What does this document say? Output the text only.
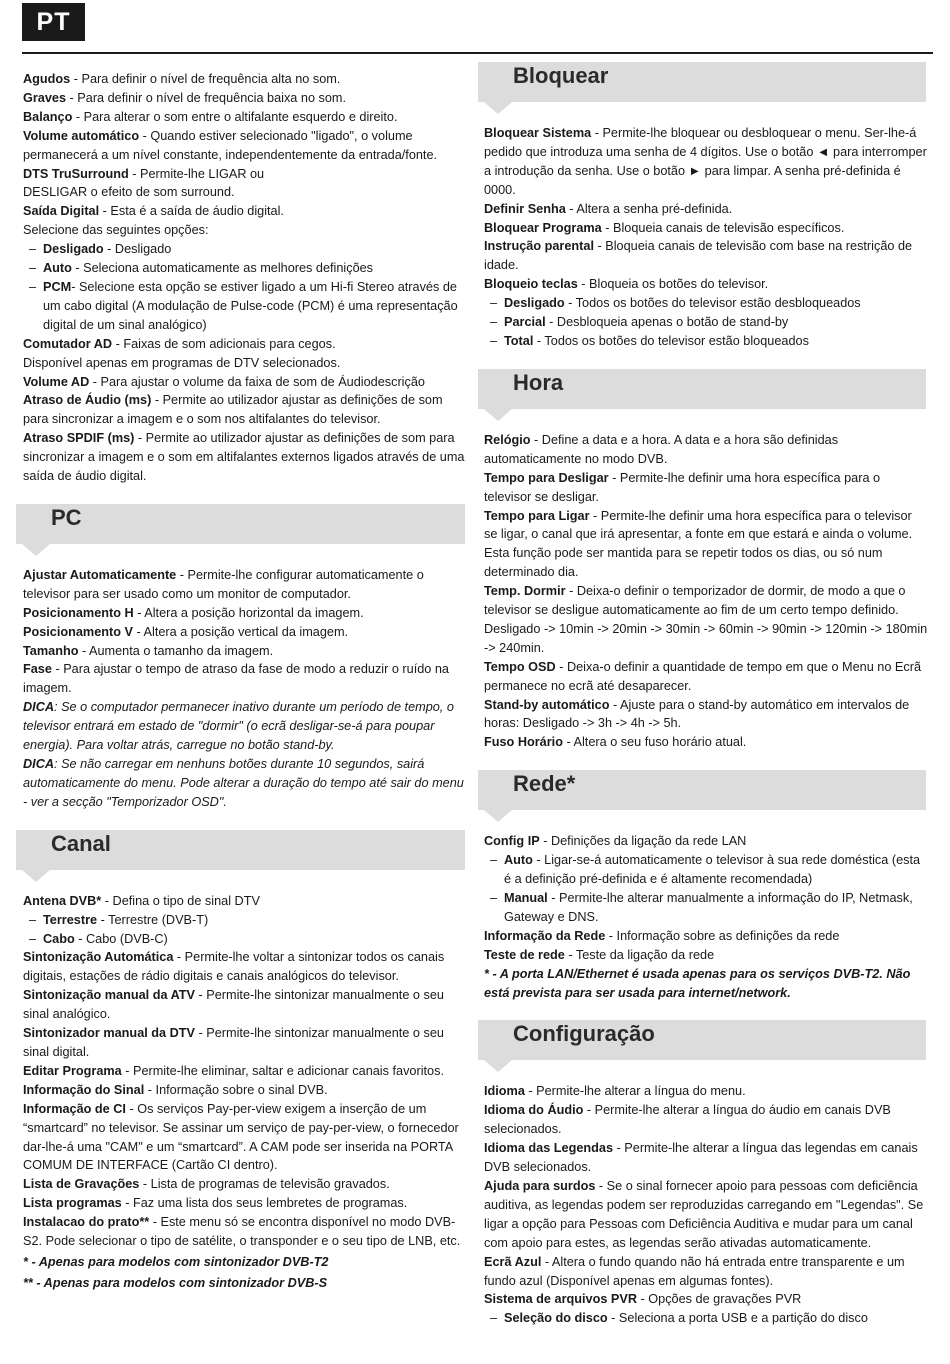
PT

Agudos - Para definir o nível de frequência alta no som.

Graves - Para definir o nível de frequência baixa no som.

Balanço - Para alterar o som entre o altifalante esquerdo e direito.

Volume automático - Quando estiver selecionado "ligado", o volume permanecerá a um nível constante, independentemente da entrada/fonte.

DTS TruSurround - Permite-lhe LIGAR ou

DESLIGAR o efeito de som surround.

Saída Digital - Esta é a saída de áudio digital.

Selecione das seguintes opções:

– Desligado - Desligado

– Auto - Seleciona automaticamente as melhores definições

– PCM- Selecione esta opção se estiver ligado a um Hi-fi Stereo através de um cabo digital (A modulação de Pulse-code (PCM) é uma representação digital de um sinal analógico)

Comutador AD - Faixas de som adicionais para cegos.

Disponível apenas em programas de DTV selecionados.

Volume AD - Para ajustar o volume da faixa de som de Áudiodescrição

Atraso de Áudio (ms) - Permite ao utilizador ajustar as definições de som para sincronizar a imagem e o som nos altifalantes do televisor.

Atraso SPDIF (ms) - Permite ao utilizador ajustar as definições de som para sincronizar a imagem e o som em altifalantes externos ligados através de uma saída de áudio digital.

PC

Ajustar Automaticamente - Permite-lhe configurar automaticamente o televisor para ser usado como um monitor de computador.

Posicionamento H - Altera a posição horizontal da imagem.

Posicionamento V - Altera a posição vertical da imagem.

Tamanho - Aumenta o tamanho da imagem.

Fase - Para ajustar o tempo de atraso da fase de modo a reduzir o ruído na imagem.

DICA: Se o computador permanecer inativo durante um período de tempo, o televisor entrará em estado de "dormir" (o ecrã desligar-se-á para poupar energia). Para voltar atrás, carregue no botão stand-by.

DICA: Se não carregar em nenhuns botões durante 10 segundos, sairá automaticamente do menu. Pode alterar a duração do tempo até sair do menu - ver a secção "Temporizador OSD".

Canal

Antena DVB* - Defina o tipo de sinal DTV

– Terrestre - Terrestre (DVB-T)

– Cabo - Cabo (DVB-C)

Sintonização Automática - Permite-lhe voltar a sintonizar todos os canais digitais, estações de rádio digitais e canais analógicos do televisor.

Sintonização manual da ATV - Permite-lhe sintonizar manualmente o seu sinal analógico.

Sintonizador manual da DTV - Permite-lhe sintonizar manualmente o seu sinal digital.

Editar Programa - Permite-lhe eliminar, saltar e adicionar canais favoritos.

Informação do Sinal - Informação sobre o sinal DVB.

Informação de CI - Os serviços Pay-per-view exigem a inserção de um “smartcard” no televisor. Se assinar um serviço de pay-per-view, o fornecedor dar-lhe-á uma "CAM" e um “smartcard”. A CAM pode ser inserida na PORTA COMUM DE INTERFACE (Cartão CI dentro).

Lista de Gravações - Lista de programas de televisão gravados.

Lista programas - Faz uma lista dos seus lembretes de programas.

Instalacao do prato** - Este menu só se encontra disponível no modo DVB-S2. Pode selecionar o tipo de satélite, o transponder e o seu tipo de LNB, etc.

* - Apenas para modelos com sintonizador DVB-T2

** - Apenas para modelos com sintonizador DVB-S

Bloquear

Bloquear Sistema - Permite-lhe bloquear ou desbloquear o menu. Ser-lhe-á pedido que introduza uma senha de 4 dígitos. Use o botão ◄ para interromper a introdução da senha. Use o botão ► para limpar. A senha pré-definida é 0000.

Definir Senha - Altera a senha pré-definida.

Bloquear Programa - Bloqueia canais de televisão específicos.

Instrução parental - Bloqueia canais de televisão com base na restrição de idade.

Bloqueio teclas - Bloqueia os botões do televisor.

– Desligado - Todos os botões do televisor estão desbloqueados

– Parcial - Desbloqueia apenas o botão de stand-by

– Total - Todos os botões do televisor estão bloqueados

Hora

Relógio - Define a data e a hora. A data e a hora são definidas automaticamente no modo DVB.

Tempo para Desligar - Permite-lhe definir uma hora específica para o televisor se desligar.

Tempo para Ligar - Permite-lhe definir uma hora específica para o televisor se ligar, o canal que irá apresentar, a fonte em que estará e ainda o volume. Esta função pode ser mantida para se repetir todos os dias, ou só num determinado dia.

Temp. Dormir - Deixa-o definir o temporizador de dormir, de modo a que o televisor se desligue automaticamente ao fim de um certo tempo definido. Desligado -> 10min -> 20min -> 30min -> 60min -> 90min -> 120min -> 180min -> 240min.

Tempo OSD - Deixa-o definir a quantidade de tempo em que o Menu no Ecrã permanece no ecrã até desaparecer.

Stand-by automático - Ajuste para o stand-by automático em intervalos de horas: Desligado -> 3h -> 4h -> 5h.

Fuso Horário - Altera o seu fuso horário atual.

Rede*

Config IP - Definições da ligação da rede LAN

– Auto - Ligar-se-á automaticamente o televisor à sua rede doméstica (esta é a definição pré-definida e é altamente recomendada)

– Manual - Permite-lhe alterar manualmente a informação do IP, Netmask, Gateway e DNS.

Informação da Rede - Informação sobre as definições da rede

Teste de rede - Teste da ligação da rede

* - A porta LAN/Ethernet é usada apenas para os serviços DVB-T2. Não está prevista para ser usada para internet/network.

Configuração

Idioma - Permite-lhe alterar a língua do menu.

Idioma do Áudio - Permite-lhe alterar a língua do áudio em canais DVB selecionados.

Idioma das Legendas - Permite-lhe alterar a língua das legendas em canais DVB selecionados.

Ajuda para surdos - Se o sinal fornecer apoio para pessoas com deficiência auditiva, as legendas podem ser reproduzidas carregando em "Legendas". Se ligar a opção para Pessoas com Deficiência Auditiva e mudar para um canal com apoio para estes, as legendas serão ativadas automaticamente.

Ecrã Azul - Altera o fundo quando não há entrada entre transparente e um fundo azul (Disponível apenas em algumas fontes).

Sistema de arquivos PVR - Opções de gravações PVR

– Seleção do disco - Seleciona a porta USB e a partição do disco
